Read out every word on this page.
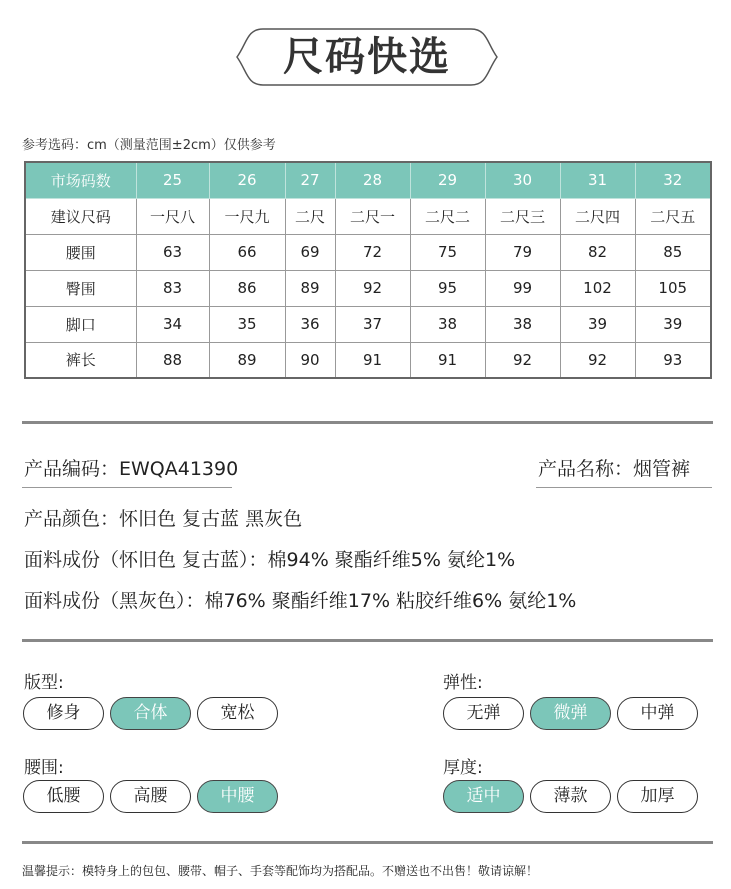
尺码快选
参考选码：cm（测量范围±2cm）仅供参考
市场码数	25	26	27	28	29	30	31	32
建议尺码	一尺八	一尺九	二尺	二尺一	二尺二	二尺三	二尺四	二尺五
腰围	63	66	69	72	75	79	82	85
臀围	83	86	89	92	95	99	102	105
脚口	34	35	36	37	38	38	39	39
裤长	88	89	90	91	91	92	92	93
产品编码：EWQA41390	产品名称：烟管裤
产品颜色：怀旧色 复古蓝 黑灰色
面料成份（怀旧色 复古蓝）：棉94% 聚酯纤维5% 氨纶1%
面料成份（黑灰色）：棉76% 聚酯纤维17% 粘胶纤维6% 氨纶1%
版型:
修身	合体	宽松
弹性:
无弹	微弹	中弹
腰围:
低腰	高腰	中腰
厚度:
适中	薄款	加厚
温馨提示：模特身上的包包、腰带、帽子、手套等配饰均为搭配品。不赠送也不出售！敬请谅解！
